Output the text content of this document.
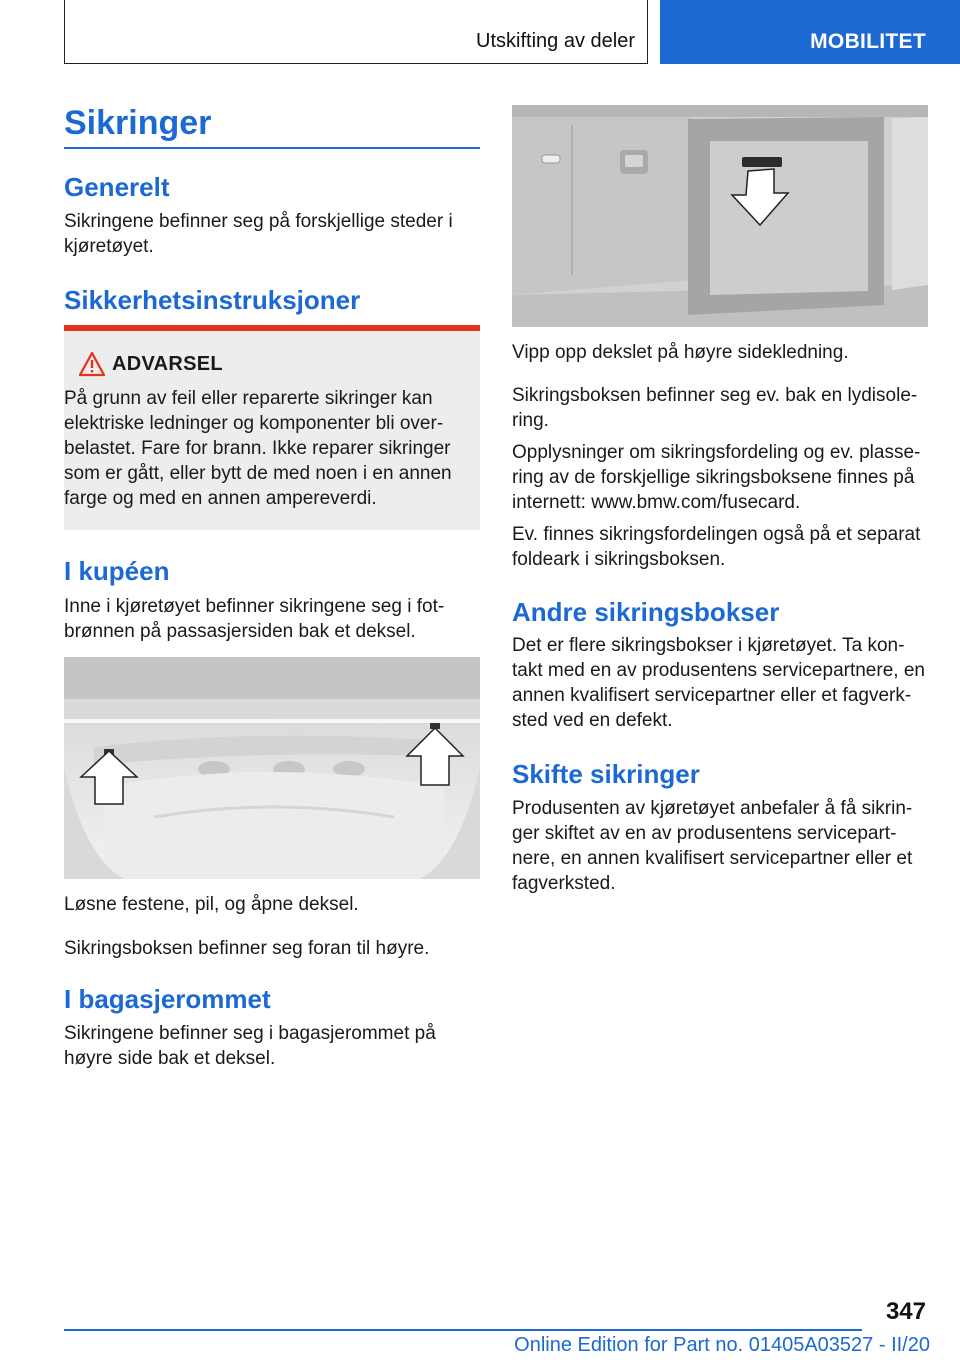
Utskifting av deler	MOBILITET
Sikringer
Generelt

Sikringene befinner seg på forskjellige steder i kjøretøyet.

Sikkerhetsinstruksjoner
ADVARSEL

På grunn av feil eller reparerte sikringer kan elektriske ledninger og komponenter bli over-belastet. Fare for brann. Ikke reparer sikringer som er gått, eller bytt de med noen i en annen farge og med en annen ampereverdi.

I kupéen

Inne i kjøretøyet befinner sikringene seg i fot-brønnen på passasjersiden bak et deksel.

Løsne festene, pil, og åpne deksel.

Sikringsboksen befinner seg foran til høyre.

I bagasjerommet

Sikringene befinner seg i bagasjerommet på høyre side bak et deksel.

Vipp opp dekslet på høyre sidekledning.

Sikringsboksen befinner seg ev. bak en lydisole-ring.

Opplysninger om sikringsfordeling og ev. plasse-ring av de forskjellige sikringsboksene finnes på internett: www.bmw.com/fusecard.

Ev. finnes sikringsfordelingen også på et separat foldeark i sikringsboksen.

Andre sikringsbokser

Det er flere sikringsbokser i kjøretøyet. Ta kon-takt med en av produsentens servicepartnere, en annen kvalifisert servicepartner eller et fagverk-sted ved en defekt.

Skifte sikringer

Produsenten av kjøretøyet anbefaler å få sikrin-ger skiftet av en av produsentens servicepart-nere, en annen kvalifisert servicepartner eller et fagverksted.

347
Online Edition for Part no. 01405A03527 - II/20
